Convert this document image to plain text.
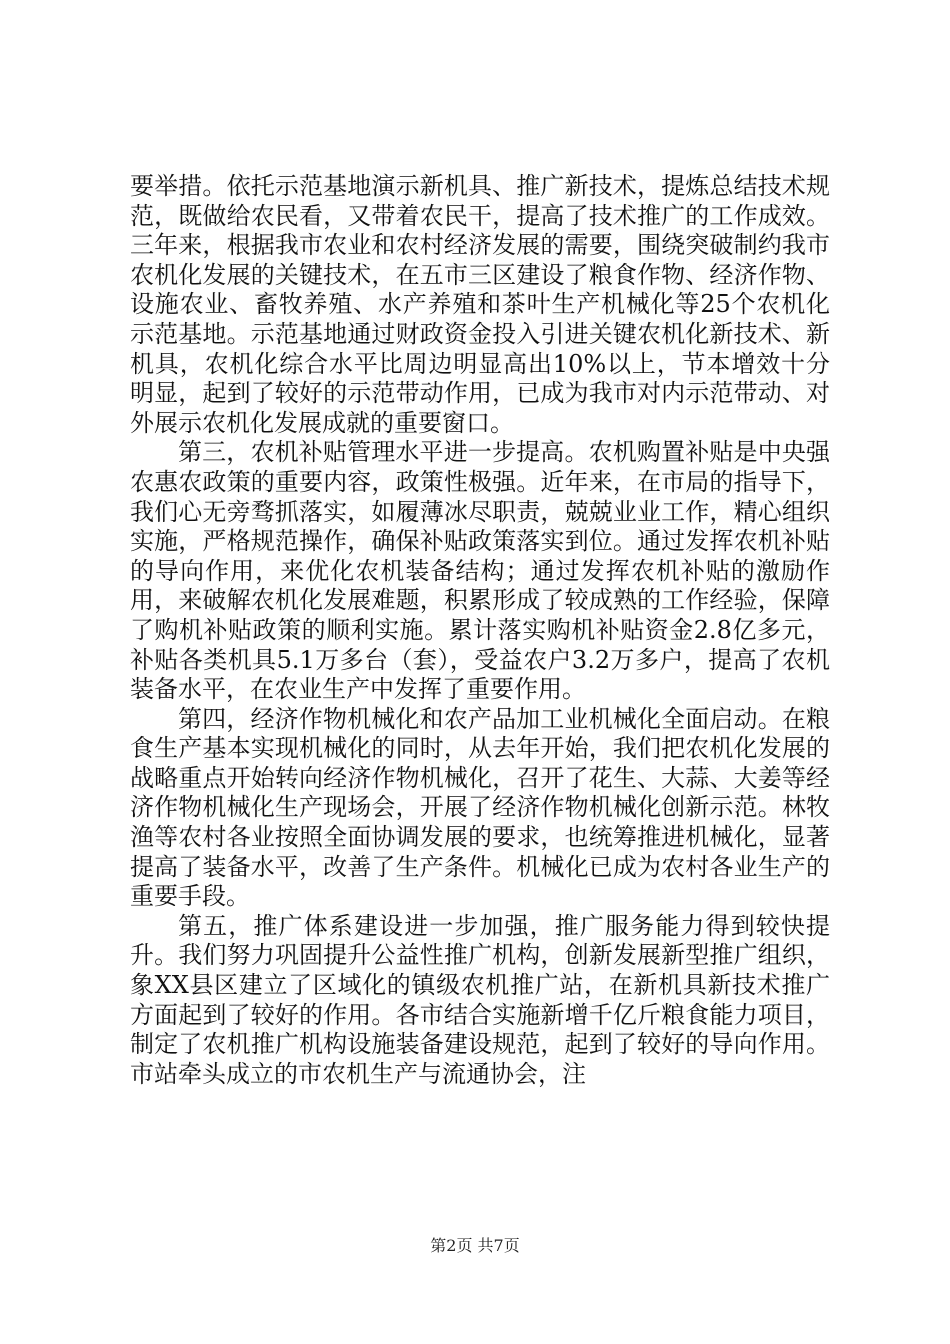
要举措。依托示范基地演示新机具、推广新技术，提炼总结技术规范，既做给农民看，又带着农民干，提高了技术推广的工作成效。三年来，根据我市农业和农村经济发展的需要，围绕突破制约我市农机化发展的关键技术，在五市三区建设了粮食作物、经济作物、设施农业、畜牧养殖、水产养殖和茶叶生产机械化等25个农机化示范基地。示范基地通过财政资金投入引进关键农机化新技术、新机具，农机化综合水平比周边明显高出10%以上，节本增效十分明显，起到了较好的示范带动作用，已成为我市对内示范带动、对外展示农机化发展成就的重要窗口。

第三，农机补贴管理水平进一步提高。农机购置补贴是中央强农惠农政策的重要内容，政策性极强。近年来，在市局的指导下，我们心无旁骛抓落实，如履薄冰尽职责，兢兢业业工作，精心组织实施，严格规范操作，确保补贴政策落实到位。通过发挥农机补贴的导向作用，来优化农机装备结构；通过发挥农机补贴的激励作用，来破解农机化发展难题，积累形成了较成熟的工作经验，保障了购机补贴政策的顺利实施。累计落实购机补贴资金2.8亿多元，补贴各类机具5.1万多台（套），受益农户3.2万多户，提高了农机装备水平，在农业生产中发挥了重要作用。

第四，经济作物机械化和农产品加工业机械化全面启动。在粮食生产基本实现机械化的同时，从去年开始，我们把农机化发展的战略重点开始转向经济作物机械化，召开了花生、大蒜、大姜等经济作物机械化生产现场会，开展了经济作物机械化创新示范。林牧渔等农村各业按照全面协调发展的要求，也统筹推进机械化，显著提高了装备水平，改善了生产条件。机械化已成为农村各业生产的重要手段。

第五，推广体系建设进一步加强，推广服务能力得到较快提升。我们努力巩固提升公益性推广机构，创新发展新型推广组织，象XX县区建立了区域化的镇级农机推广站，在新机具新技术推广方面起到了较好的作用。各市结合实施新增千亿斤粮食能力项目，制定了农机推广机构设施装备建设规范，起到了较好的导向作用。市站牵头成立的市农机生产与流通协会，注

第2页 共7页
